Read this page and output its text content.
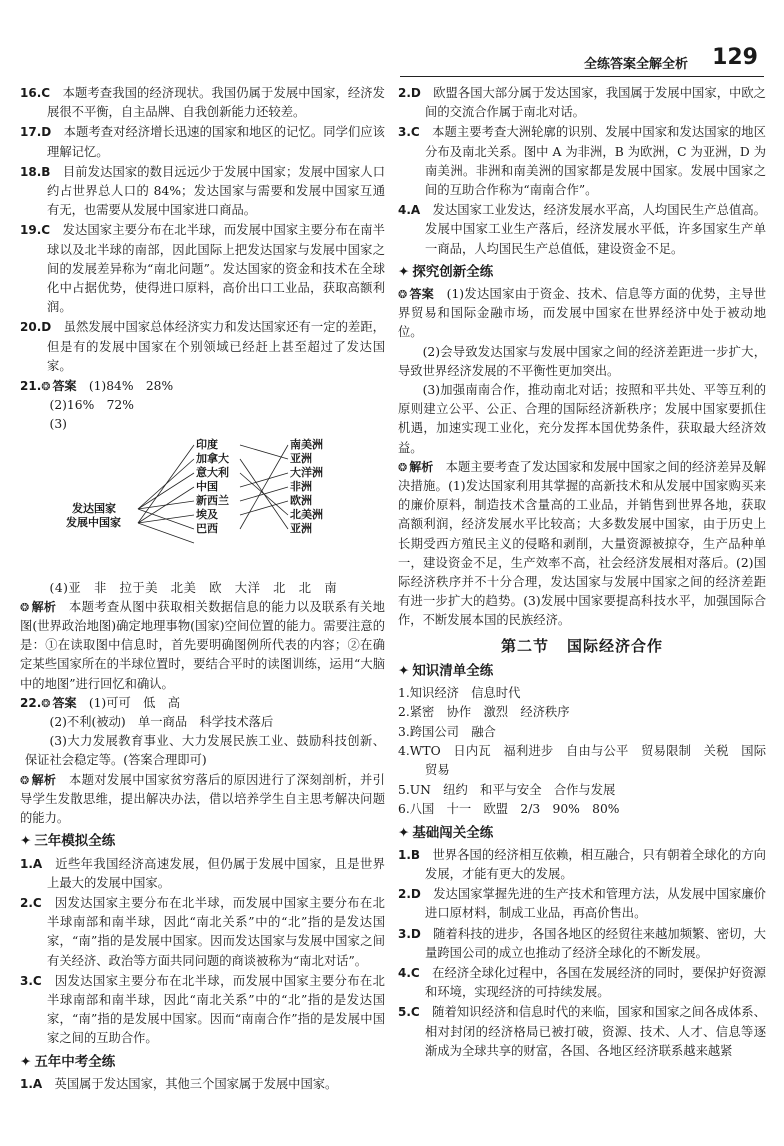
全练答案全解全析 129

16.C　 本题考查我国的经济现状。我国仍属于发展中国家，经济发展很不平衡，自主品牌、自我创新能力还较差。

17.D　 本题考查对经济增长迅速的国家和地区的记忆。同学们应该理解记忆。

18.B　 目前发达国家的数目远远少于发展中国家；发展中国家人口约占世界总人口的 84%；发达国家与需要和发展中国家互通有无，也需要从发展中国家进口商品。

19.C　 发达国家主要分布在北半球，而发展中国家主要分布在南半球以及北半球的南部，因此国际上把发达国家与发展中国家之间的发展差异称为“南北问题”。发达国家的资金和技术在全球化中占据优势，使得进口原料，高价出口工业品，获取高额利润。

20.D　 虽然发展中国家总体经济实力和发达国家还有一定的差距，但是有的发展中国家在个别领域已经赶上甚至超过了发达国家。

21.❂ 答案　 (1)84%　28%

(2)16%　72%

(3)

发达国家
发展中国家
印度
加拿大
意大利
中国
新西兰
埃及
巴西
南美洲
亚洲
大洋洲
非洲
欧洲
北美洲
亚洲

(4)亚　非　拉于美　北美　欧　大洋　北　北　南

❂ 解析　 本题考查从图中获取相关数据信息的能力以及联系有关地图(世界政治地图)确定地理事物(国家)空间位置的能力。需要注意的是：①在读取图中信息时，首先要明确图例所代表的内容；②在确定某些国家所在的半球位置时，要结合平时的读图训练，运用“大脑中的地图”进行回忆和确认。

22.❂ 答案　 (1)可可　低　高

(2)不利(被动)　单一商品　科学技术落后

(3)大力发展教育事业、大力发展民族工业、鼓励科技创新、保证社会稳定等。(答案合理即可)

❂ 解析　 本题对发展中国家贫穷落后的原因进行了深刻剖析，并引导学生发散思维，提出解决办法，借以培养学生自主思考解决问题的能力。

✦ 三年模拟全练

1.A　 近些年我国经济高速发展，但仍属于发展中国家，且是世界上最大的发展中国家。

2.C　 因发达国家主要分布在北半球，而发展中国家主要分布在北半球南部和南半球，因此“南北关系”中的“北”指的是发达国家，“南”指的是发展中国家。因而发达国家与发展中国家之间有关经济、政治等方面共同问题的商谈被称为“南北对话”。

3.C　 因发达国家主要分布在北半球，而发展中国家主要分布在北半球南部和南半球，因此“南北关系”中的“北”指的是发达国家，“南”指的是发展中国家。因而“南南合作”指的是发展中国家之间的互助合作。

✦ 五年中考全练

1.A　 英国属于发达国家，其他三个国家属于发展中国家。

2.D　 欧盟各国大部分属于发达国家，我国属于发展中国家，中欧之间的交流合作属于南北对话。

3.C　 本题主要考查大洲轮廓的识别、发展中国家和发达国家的地区分布及南北关系。图中 A 为非洲，B 为欧洲，C 为亚洲，D 为南美洲。非洲和南美洲的国家都是发展中国家。发展中国家之间的互助合作称为“南南合作”。

4.A　 发达国家工业发达，经济发展水平高，人均国民生产总值高。发展中国家工业生产落后，经济发展水平低，许多国家生产单一商品，人均国民生产总值低，建设资金不足。

✦ 探究创新全练

❂ 答案　 (1)发达国家由于资金、技术、信息等方面的优势，主导世界贸易和国际金融市场，而发展中国家在世界经济中处于被动地位。

(2)会导致发达国家与发展中国家之间的经济差距进一步扩大，导致世界经济发展的不平衡性更加突出。

(3)加强南南合作，推动南北对话；按照和平共处、平等互利的原则建立公平、公正、合理的国际经济新秩序；发展中国家要抓住机遇，加速实现工业化，充分发挥本国优势条件，获取最大经济效益。

❂ 解析　 本题主要考查了发达国家和发展中国家之间的经济差异及解决措施。(1)发达国家利用其掌握的高新技术和从发展中国家购买来的廉价原料，制造技术含量高的工业品，并销售到世界各地，获取高额利润，经济发展水平比较高；大多数发展中国家，由于历史上长期受西方殖民主义的侵略和剥削，大量资源被掠夺，生产品种单一，建设资金不足，生产效率不高，社会经济发展相对落后。(2)国际经济秩序并不十分合理，发达国家与发展中国家之间的经济差距有进一步扩大的趋势。(3)发展中国家要提高科技水平，加强国际合作，不断发展本国的民族经济。

第二节 国际经济合作
✦ 知识清单全练

1.知识经济　信息时代

2.紧密　协作　激烈　经济秩序

3.跨国公司　融合

4.WTO　日内瓦　福利进步　自由与公平　贸易限制　关税　国际贸易

5.UN　纽约　和平与安全　合作与发展

6.八国　十一　欧盟　2/3　90%　80%

✦ 基础闯关全练

1.B　 世界各国的经济相互依赖，相互融合，只有朝着全球化的方向发展，才能有更大的发展。

2.D　 发达国家掌握先进的生产技术和管理方法，从发展中国家廉价进口原材料，制成工业品，再高价售出。

3.D　 随着科技的进步，各国各地区的经贸往来越加频繁、密切，大量跨国公司的成立也推动了经济全球化的不断发展。

4.C　 在经济全球化过程中，各国在发展经济的同时，要保护好资源和环境，实现经济的可持续发展。

5.C　 随着知识经济和信息时代的来临，国家和国家之间各成体系、相对封闭的经济格局已被打破，资源、技术、人才、信息等逐渐成为全球共享的财富，各国、各地区经济联系越来越紧
